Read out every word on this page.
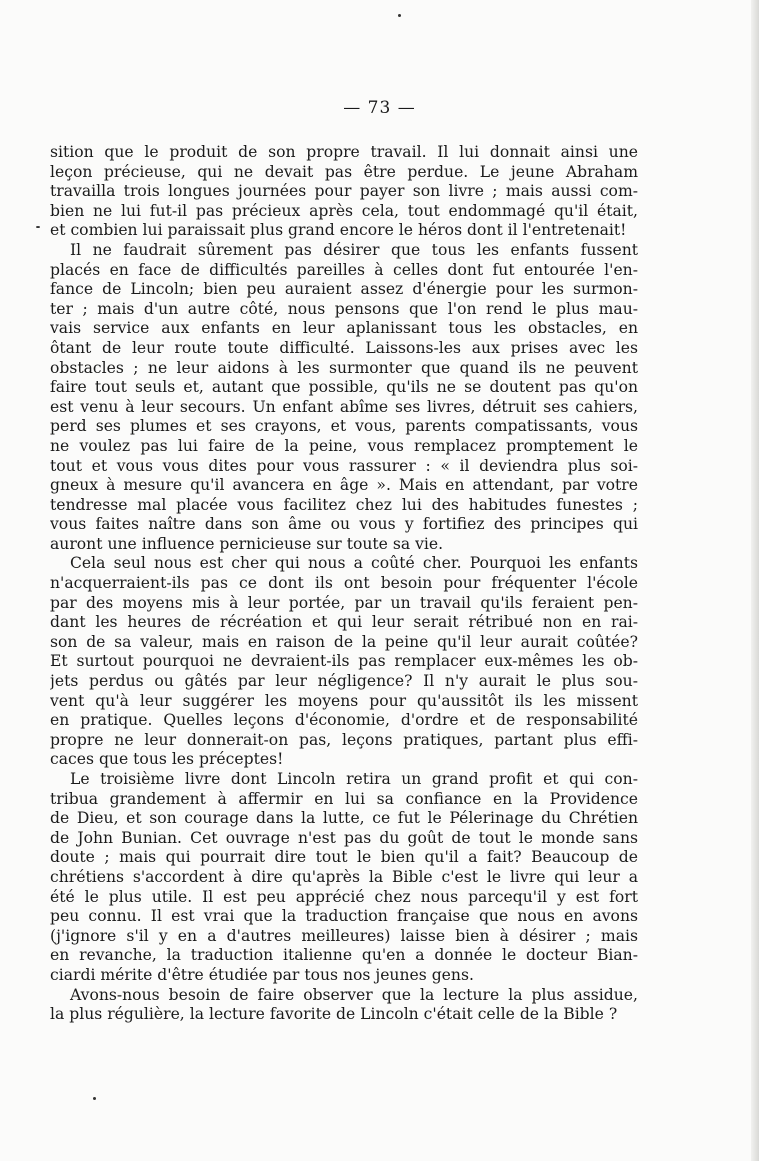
— 73 —
sition que le produit de son propre travail. Il lui donnait ainsi une
leçon précieuse, qui ne devait pas être perdue. Le jeune Abraham
travailla trois longues journées pour payer son livre ; mais aussi com-
bien ne lui fut-il pas précieux après cela, tout endommagé qu'il était,
et combien lui paraissait plus grand encore le héros dont il l'entretenait!
Il ne faudrait sûrement pas désirer que tous les enfants fussent
placés en face de difficultés pareilles à celles dont fut entourée l'en-
fance de Lincoln; bien peu auraient assez d'énergie pour les surmon-
ter ; mais d'un autre côté, nous pensons que l'on rend le plus mau-
vais service aux enfants en leur aplanissant tous les obstacles, en
ôtant de leur route toute difficulté. Laissons-les aux prises avec les
obstacles ; ne leur aidons à les surmonter que quand ils ne peuvent
faire tout seuls et, autant que possible, qu'ils ne se doutent pas qu'on
est venu à leur secours. Un enfant abîme ses livres, détruit ses cahiers,
perd ses plumes et ses crayons, et vous, parents compatissants, vous
ne voulez pas lui faire de la peine, vous remplacez promptement le
tout et vous vous dites pour vous rassurer : « il deviendra plus soi-
gneux à mesure qu'il avancera en âge ». Mais en attendant, par votre
tendresse mal placée vous facilitez chez lui des habitudes funestes ;
vous faites naître dans son âme ou vous y fortifiez des principes qui
auront une influence pernicieuse sur toute sa vie.
Cela seul nous est cher qui nous a coûté cher. Pourquoi les enfants
n'acquerraient-ils pas ce dont ils ont besoin pour fréquenter l'école
par des moyens mis à leur portée, par un travail qu'ils feraient pen-
dant les heures de récréation et qui leur serait rétribué non en rai-
son de sa valeur, mais en raison de la peine qu'il leur aurait coûtée?
Et surtout pourquoi ne devraient-ils pas remplacer eux-mêmes les ob-
jets perdus ou gâtés par leur négligence? Il n'y aurait le plus sou-
vent qu'à leur suggérer les moyens pour qu'aussitôt ils les missent
en pratique. Quelles leçons d'économie, d'ordre et de responsabilité
propre ne leur donnerait-on pas, leçons pratiques, partant plus effi-
caces que tous les préceptes!
Le troisième livre dont Lincoln retira un grand profit et qui con-
tribua grandement à affermir en lui sa confiance en la Providence
de Dieu, et son courage dans la lutte, ce fut le Pélerinage du Chrétien
de John Bunian. Cet ouvrage n'est pas du goût de tout le monde sans
doute ; mais qui pourrait dire tout le bien qu'il a fait? Beaucoup de
chrétiens s'accordent à dire qu'après la Bible c'est le livre qui leur a
été le plus utile. Il est peu apprécié chez nous parcequ'il y est fort
peu connu. Il est vrai que la traduction française que nous en avons
(j'ignore s'il y en a d'autres meilleures) laisse bien à désirer ; mais
en revanche, la traduction italienne qu'en a donnée le docteur Bian-
ciardi mérite d'être étudiée par tous nos jeunes gens.
Avons-nous besoin de faire observer que la lecture la plus assidue,
la plus régulière, la lecture favorite de Lincoln c'était celle de la Bible ?
